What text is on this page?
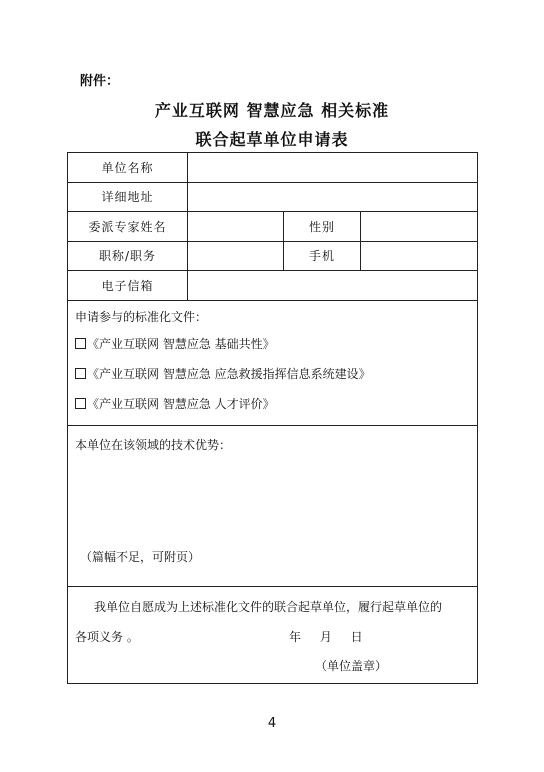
附件：
产业互联网 智慧应急 相关标准
联合起草单位申请表
单位名称			
详细地址			
委派专家姓名		性别	
职称/职务		手机	
电子信箱			

申请参与的标准化文件：
《产业互联网 智慧应急 基础共性》
《产业互联网 智慧应急 应急救援指挥信息系统建设》
《产业互联网 智慧应急 人才评价》			

本单位在该领域的技术优势：
（篇幅不足，可附页）			

我单位自愿成为上述标准化文件的联合起草单位，履行起草单位的
各项义务 。 年　 月　 日
（单位盖章）			
4
